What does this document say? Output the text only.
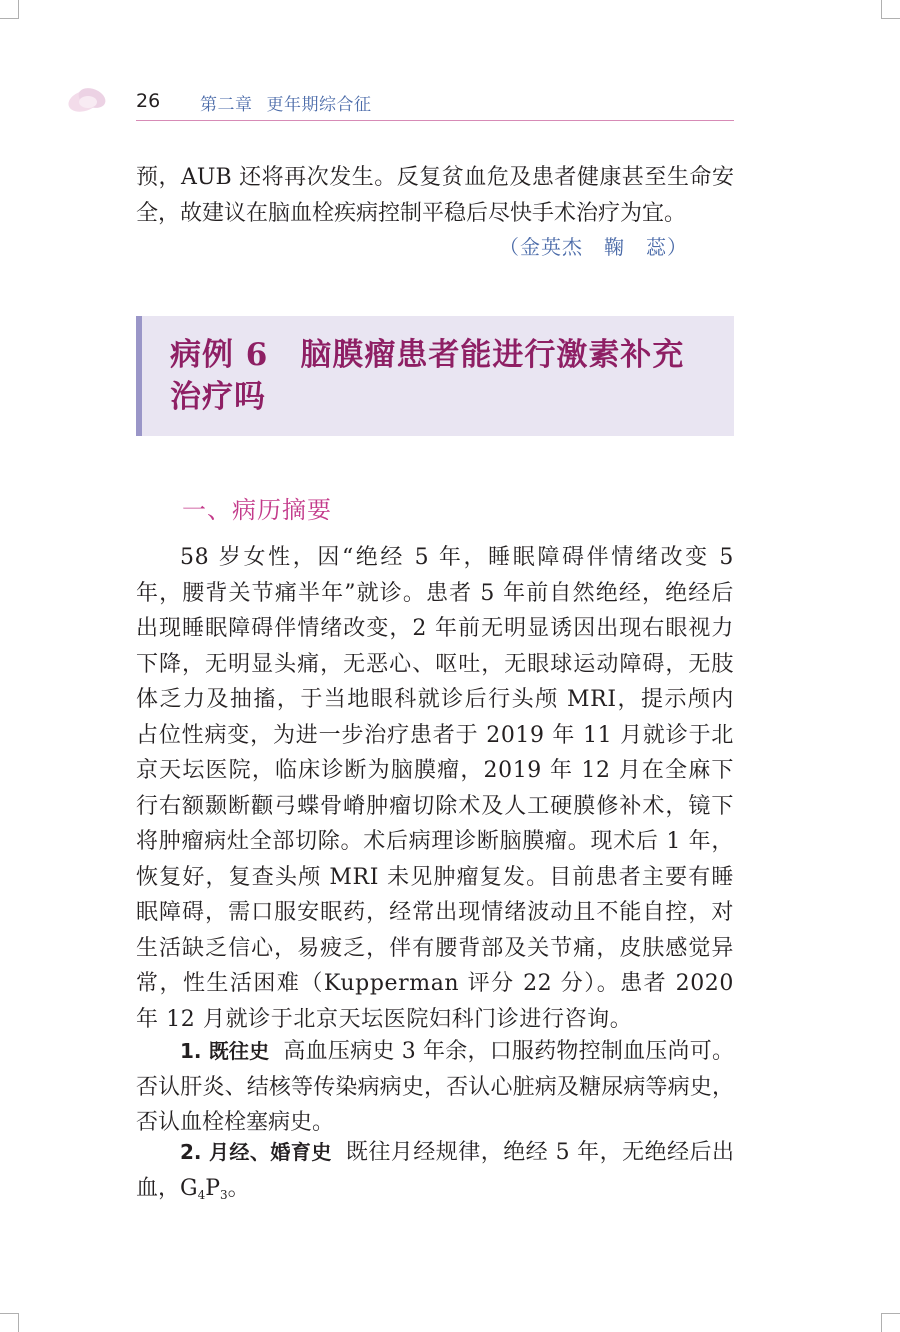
26 第二章 更年期综合征
预，AUB 还将再次发生。反复贫血危及患者健康甚至生命安全，故建议在脑血栓疾病控制平稳后尽快手术治疗为宜。
（金英杰　鞠　蕊）
病例 6　脑膜瘤患者能进行激素补充
治疗吗
一、病历摘要
58 岁女性，因“绝经 5 年，睡眠障碍伴情绪改变 5 年，腰背关节痛半年”就诊。患者 5 年前自然绝经，绝经后出现睡眠障碍伴情绪改变，2 年前无明显诱因出现右眼视力下降，无明显头痛，无恶心、呕吐，无眼球运动障碍，无肢体乏力及抽搐，于当地眼科就诊后行头颅 MRI，提示颅内占位性病变，为进一步治疗患者于 2019 年 11 月就诊于北京天坛医院，临床诊断为脑膜瘤，2019 年 12 月在全麻下行右额颞断颧弓蝶骨嵴肿瘤切除术及人工硬膜修补术，镜下将肿瘤病灶全部切除。术后病理诊断脑膜瘤。现术后 1 年，恢复好，复查头颅 MRI 未见肿瘤复发。目前患者主要有睡眠障碍，需口服安眠药，经常出现情绪波动且不能自控，对生活缺乏信心，易疲乏，伴有腰背部及关节痛，皮肤感觉异常，性生活困难（Kupperman 评分 22 分）。患者 2020 年 12 月就诊于北京天坛医院妇科门诊进行咨询。
1. 既往史 高血压病史 3 年余，口服药物控制血压尚可。否认肝炎、结核等传染病病史，否认心脏病及糖尿病等病史，否认血栓栓塞病史。
2. 月经、婚育史 既往月经规律，绝经 5 年，无绝经后出血，$G_4P_3$。
